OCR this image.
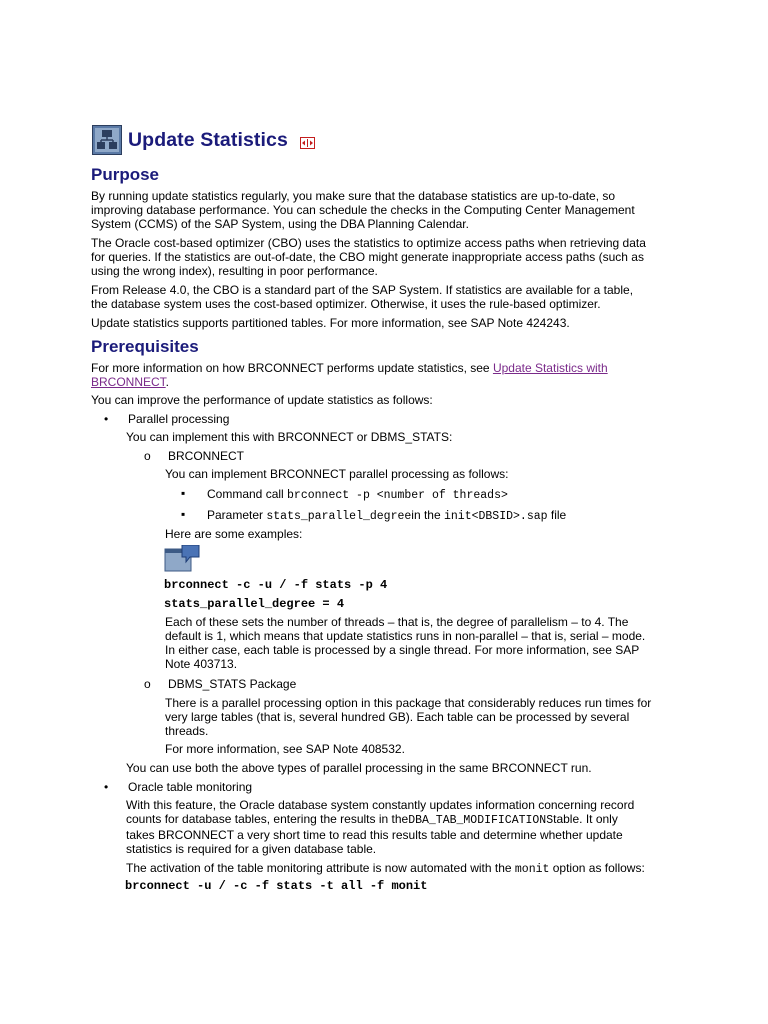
Update Statistics
Purpose

By running update statistics regularly, you make sure that the database statistics are up-to-date, so
improving database performance. You can schedule the checks in the Computing Center Management
System (CCMS) of the SAP System, using the DBA Planning Calendar.

The Oracle cost-based optimizer (CBO) uses the statistics to optimize access paths when retrieving data
for queries. If the statistics are out-of-date, the CBO might generate inappropriate access paths (such as
using the wrong index), resulting in poor performance.

From Release 4.0, the CBO is a standard part of the SAP System. If statistics are available for a table,
the database system uses the cost-based optimizer. Otherwise, it uses the rule-based optimizer.

Update statistics supports partitioned tables. For more information, see SAP Note 424243.

Prerequisites

For more information on how BRCONNECT performs update statistics, see Update Statistics with
BRCONNECT.

You can improve the performance of update statistics as follows:

• Parallel processing

You can implement this with BRCONNECT or DBMS_STATS:

o BRCONNECT

You can implement BRCONNECT parallel processing as follows:

▪ Command call brconnect -p <number of threads>

▪ Parameter stats_parallel_degreein the init<DBSID>.sap file

Here are some examples:

brconnect -c -u / -f stats -p 4

stats_parallel_degree = 4

Each of these sets the number of threads – that is, the degree of parallelism – to 4. The
default is 1, which means that update statistics runs in non-parallel – that is, serial – mode.
In either case, each table is processed by a single thread. For more information, see SAP
Note 403713.

o DBMS_STATS Package

There is a parallel processing option in this package that considerably reduces run times for
very large tables (that is, several hundred GB). Each table can be processed by several
threads.

For more information, see SAP Note 408532.

You can use both the above types of parallel processing in the same BRCONNECT run.

• Oracle table monitoring

With this feature, the Oracle database system constantly updates information concerning record
counts for database tables, entering the results in theDBA_TAB_MODIFICATIONStable. It only
takes BRCONNECT a very short time to read this results table and determine whether update
statistics is required for a given database table.

The activation of the table monitoring attribute is now automated with the monit option as follows:

brconnect -u / -c -f stats -t all -f monit
